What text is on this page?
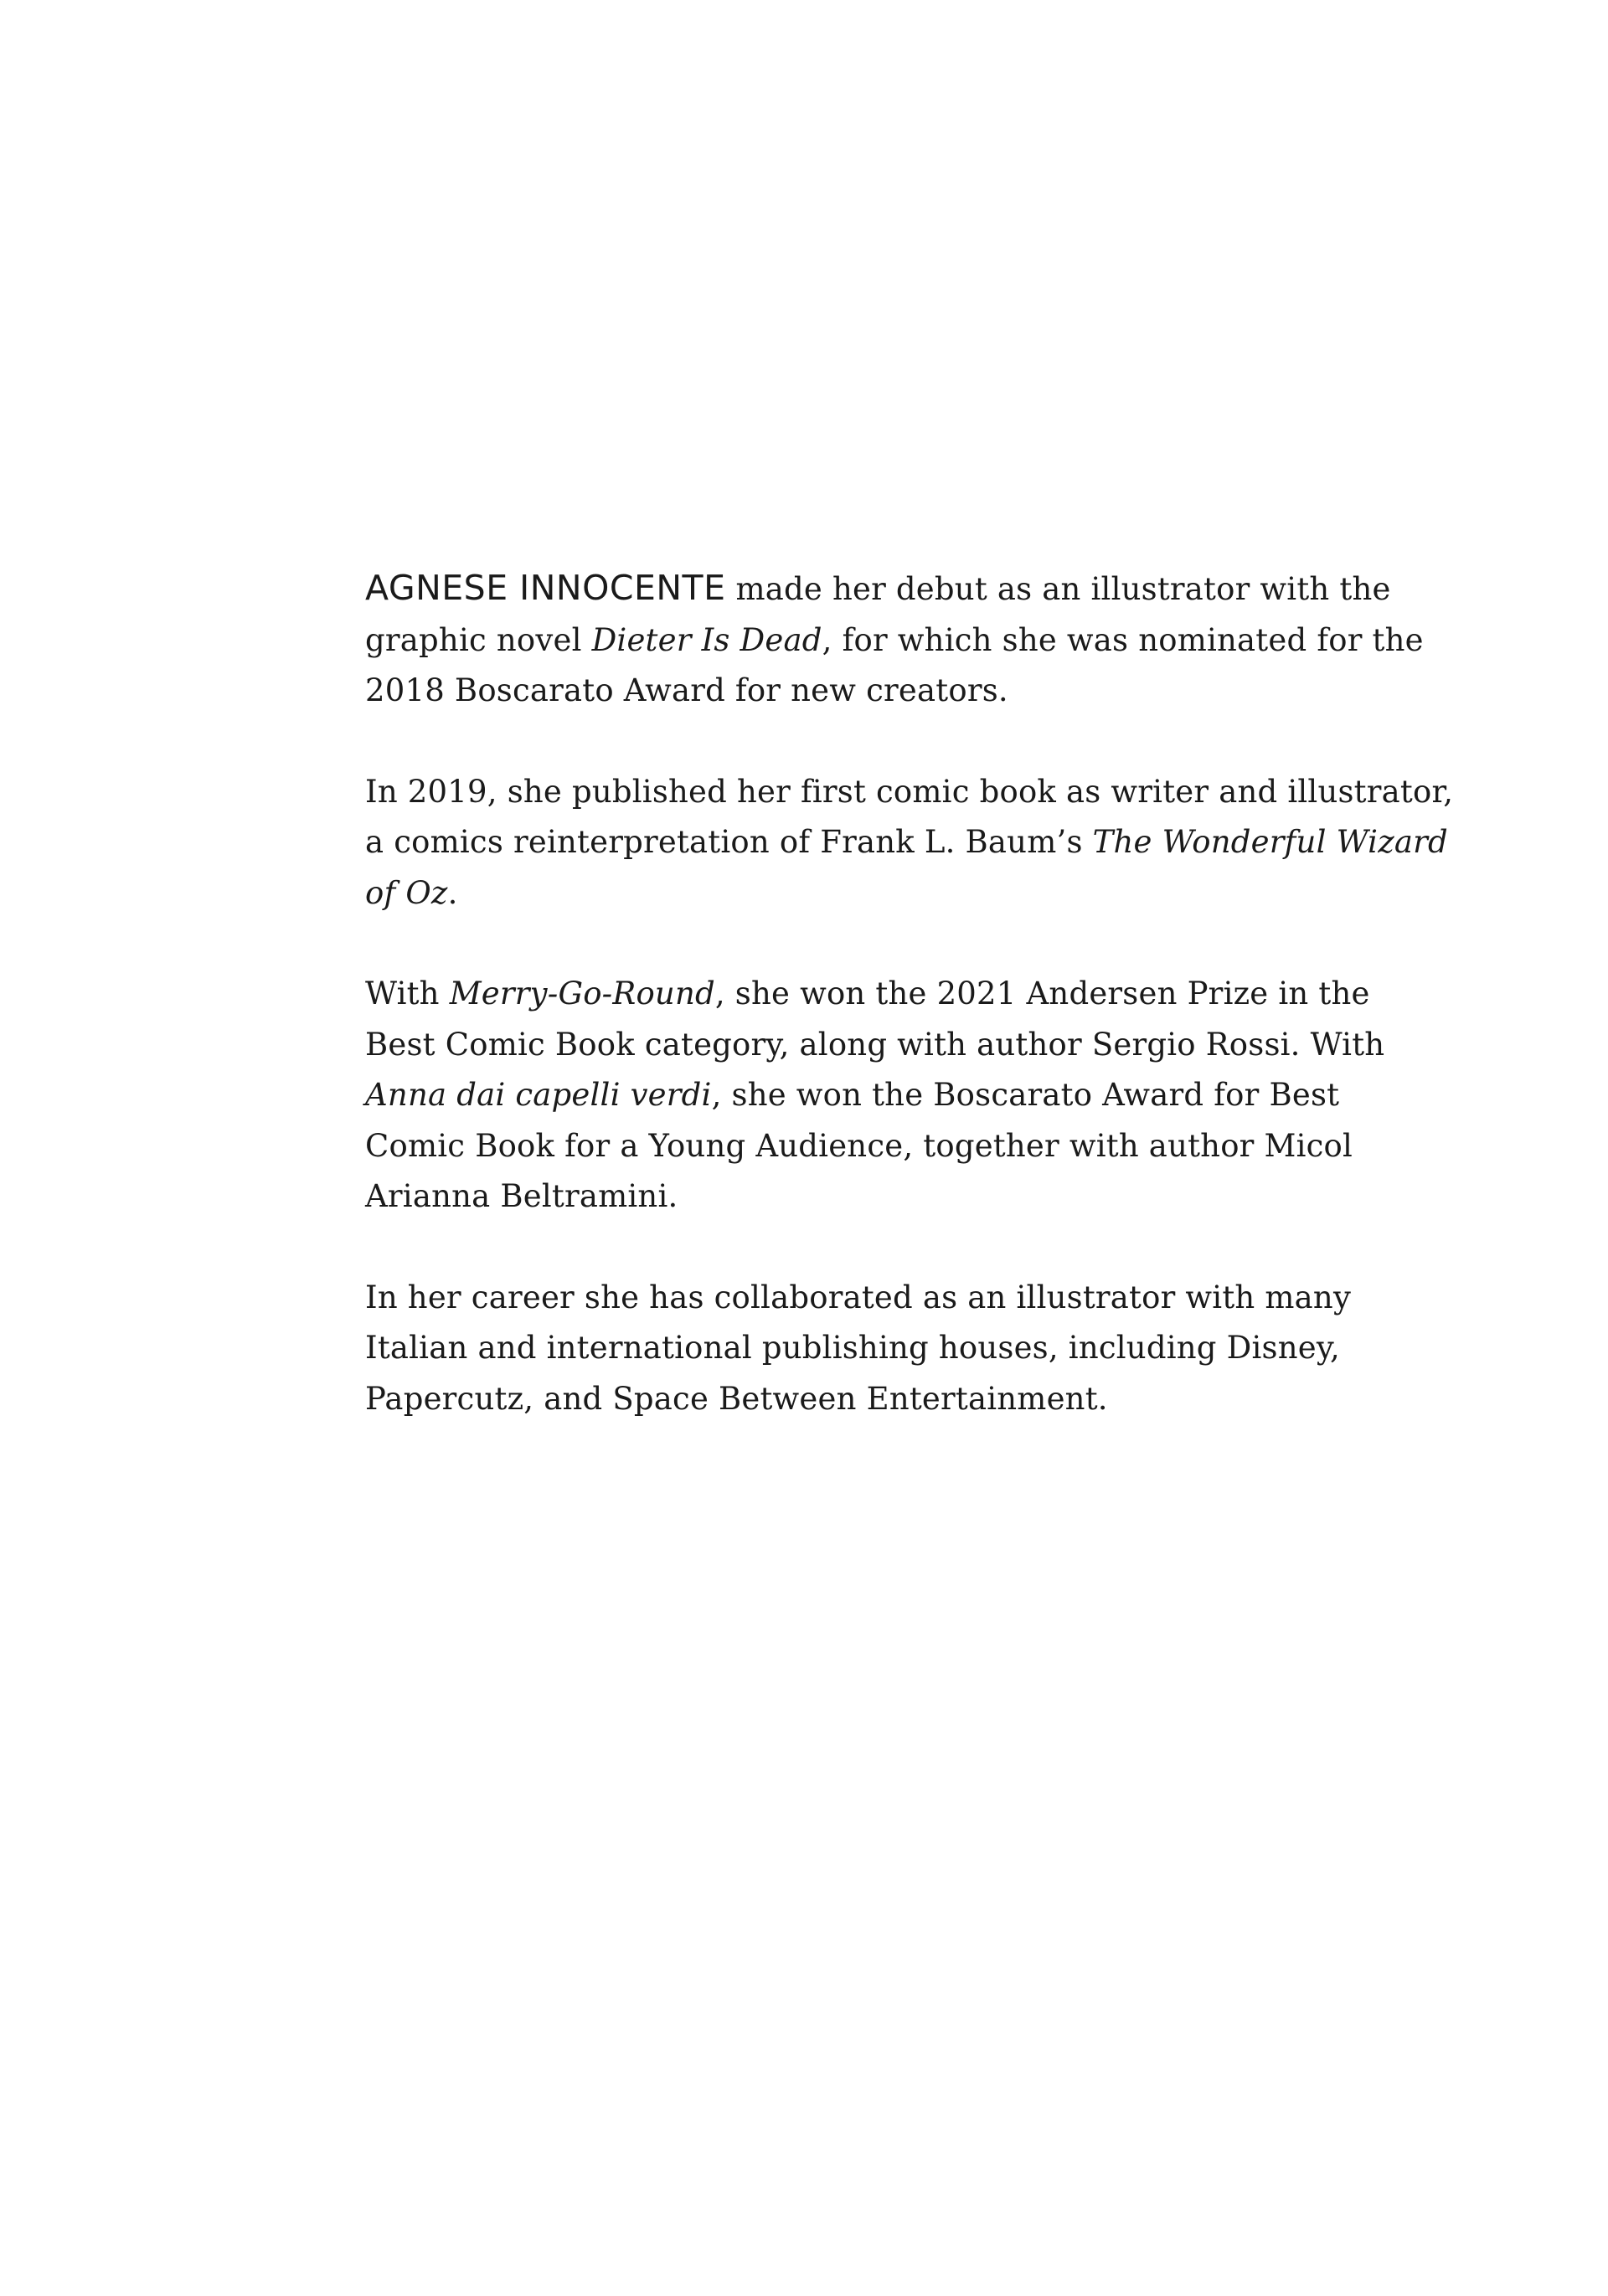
AGNESE INNOCENTE made her debut as an illustrator with the
graphic novel Dieter Is Dead, for which she was nominated for the
2018 Boscarato Award for new creators.

In 2019, she published her first comic book as writer and illustrator,
a comics reinterpretation of Frank L. Baum’s The Wonderful Wizard
of Oz.

With Merry-Go-Round, she won the 2021 Andersen Prize in the
Best Comic Book category, along with author Sergio Rossi. With
Anna dai capelli verdi, she won the Boscarato Award for Best
Comic Book for a Young Audience, together with author Micol
Arianna Beltramini.

In her career she has collaborated as an illustrator with many
Italian and international publishing houses, including Disney,
Papercutz, and Space Between Entertainment.
